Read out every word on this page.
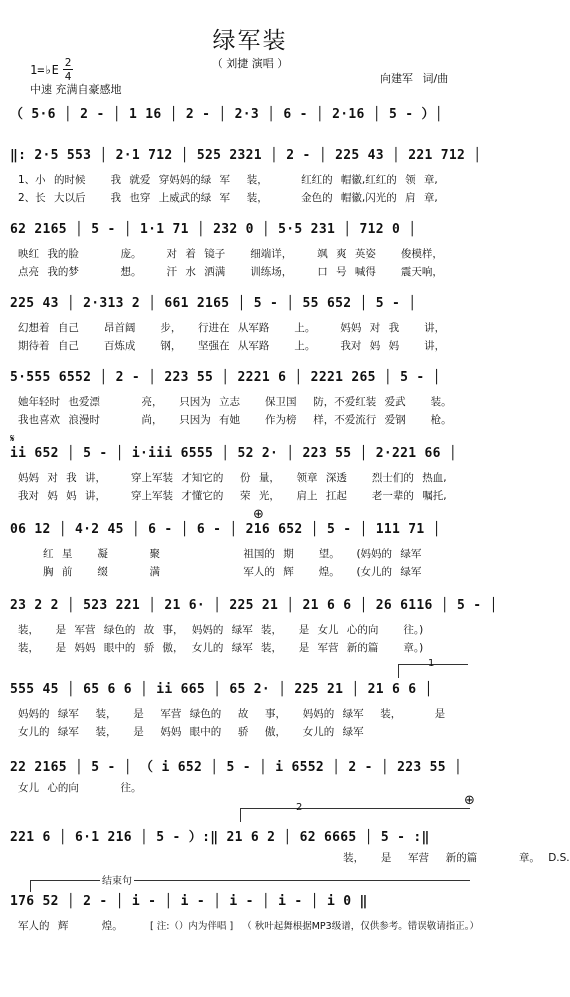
绿军装
（ 刘捷 演唱 ）
1=♭E
2
4
中速 充满自豪感地
向建军 词/曲
（ 5·6 │ 2 - │ 1 16 │ 2 - │ 2·3 │ 6 - │ 2·16 │ 5 - ）│
‖: 2·5 553 │ 2·1 712 │ 525 2321 │ 2 - │ 225 43 │ 221 712 │
1、小 的时候   我 就爱 穿妈妈的绿 军  装，    红红的 帽徽,红红的 领 章,
2、长 大以后   我 也穿 上威武的绿 军  装，    金色的 帽徽,闪光的 肩 章,
62 2165 │ 5 - │ 1·1 71 │ 232 0 │ 5·5 231 │ 712 0 │
映红 我的脸     庞。   对 着 镜子   细端详，   飒 爽 英姿   俊模样，
点亮 我的梦     想。   汗 水 洒满   训练场，   口 号 喊得   震天响，
225 43 │ 2·313 2 │ 661 2165 │ 5 - │ 55 652 │ 5 - │
幻想着 自己   昂首阔   步，  行进在 从军路   上。   妈妈 对 我   讲，
期待着 自己   百炼成   钢，  坚强在 从军路   上。   我对 妈 妈   讲，
5·555 6552 │ 2 - │ 223 55 │ 2221 6 │ 2221 265 │ 5 - │
她年轻时 也爱漂     亮，  只因为 立志   保卫国  防，不爱红装 爱武   装。
我也喜欢 浪漫时     尚，  只因为 有她   作为榜  样，不爱流行 爱钢   枪。
𝄋
ii 652 │ 5 - │ i·iii 6555 │ 52 2· │ 223 55 │ 2·221 66 │
妈妈 对 我 讲，   穿上军装 才知它的  份 量，  领章 深透   烈士们的 热血,
我对 妈 妈 讲，   穿上军装 才懂它的  荣 光，  肩上 扛起   老一辈的 嘱托,
⊕
06 12 │ 4·2 45 │ 6 - │ 6 - │ 216 652 │ 5 - │ 111 71 │
红 星   凝     聚          祖国的 期   望。  (妈妈的 绿军
胸 前   缀     满          军人的 辉   煌。  (女儿的 绿军
23 2 2 │ 523 221 │ 21 6· │ 225 21 │ 21 6 6 │ 26 6116 │ 5 - │
装，  是 军营 绿色的 故 事， 妈妈的 绿军 装，  是 女儿 心的向   往。)
装，  是 妈妈 眼中的 骄 傲， 女儿的 绿军 装，  是 军营 新的篇   章。)
1
555 45 │ 65 6 6 │ ii 665 │ 65 2· │ 225 21 │ 21 6 6 │
妈妈的 绿军  装，  是  军营 绿色的  故  事，  妈妈的 绿军  装，    是
女儿的 绿军  装，  是  妈妈 眼中的  骄  傲，  女儿的 绿军
22 2165 │ 5 - │ （ i 652 │ 5 - │ i 6552 │ 2 - │ 223 55 │
女儿 心的向     往。
2	⊕
221 6 │ 6·1 216 │ 5 - ）:‖ 21 6 2 │ 62 6665 │ 5 - :‖
装，  是  军营  新的篇     章。 D.S.
结束句
176 52 │ 2 - │ i - │ i - │ i - │ i - │ i 0 ‖
军人的 辉    煌。	[ 注:（）内为伴唱 ]   （ 秋叶起舞根据MP3级谱，仅供参考。错误敬请指正。）
